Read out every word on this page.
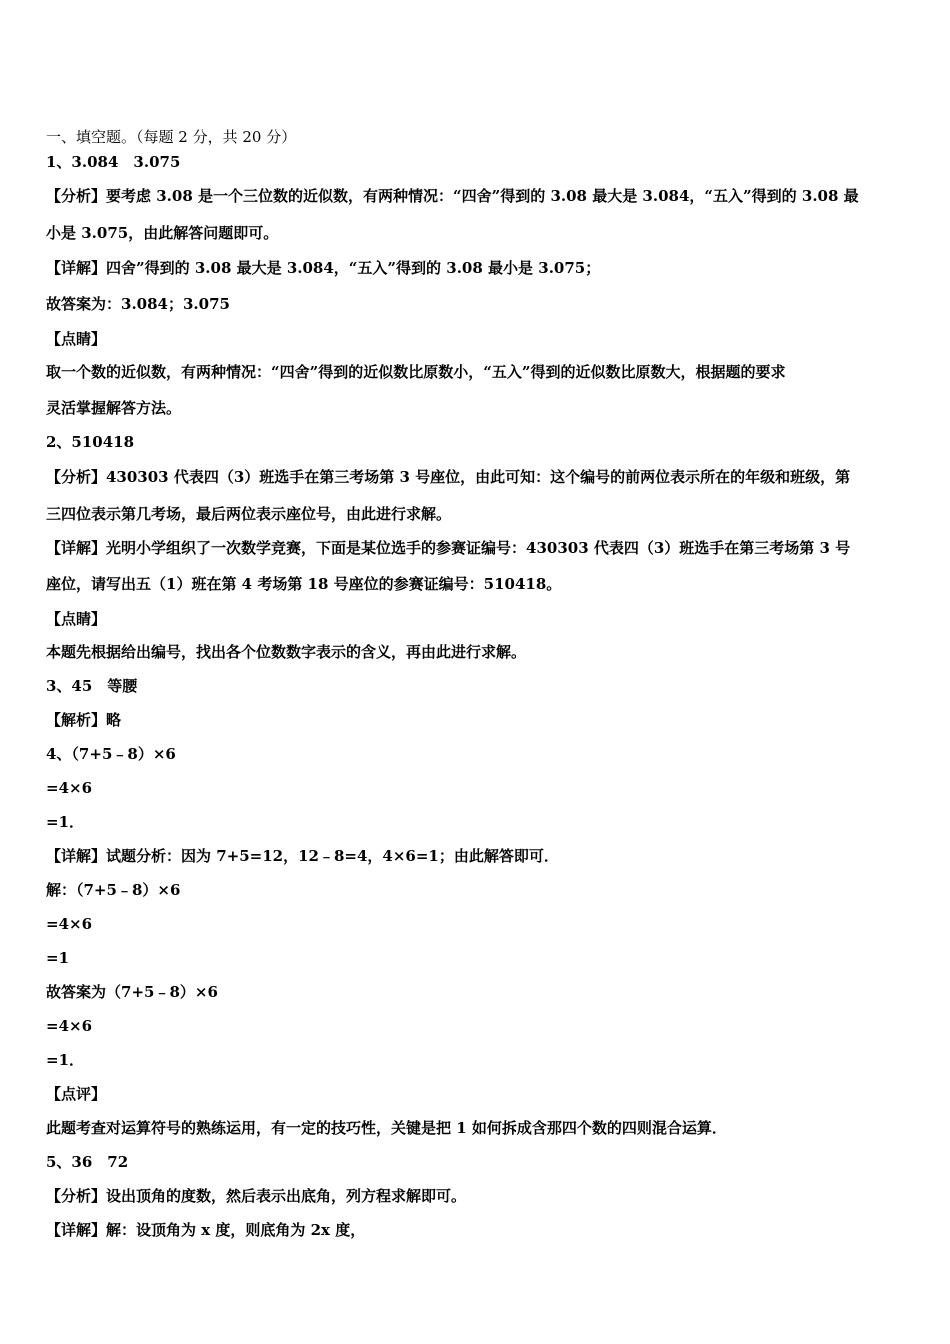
一、填空题。（每题 2 分，共 20 分）
1、3.084　3.075
【分析】要考虑 3.08 是一个三位数的近似数，有两种情况：“四舍”得到的 3.08 最大是 3.084，“五入”得到的 3.08 最
小是 3.075，由此解答问题即可。
【详解】四舍”得到的 3.08 最大是 3.084，“五入”得到的 3.08 最小是 3.075；
故答案为：3.084；3.075
【点睛】
取一个数的近似数，有两种情况：“四舍”得到的近似数比原数小，“五入”得到的近似数比原数大，根据题的要求
灵活掌握解答方法。
2、510418
【分析】430303 代表四（3）班选手在第三考场第 3 号座位，由此可知：这个编号的前两位表示所在的年级和班级，第
三四位表示第几考场，最后两位表示座位号，由此进行求解。
【详解】光明小学组织了一次数学竞赛，下面是某位选手的参赛证编号：430303 代表四（3）班选手在第三考场第 3 号
座位，请写出五（1）班在第 4 考场第 18 号座位的参赛证编号：510418。
【点睛】
本题先根据给出编号，找出各个位数数字表示的含义，再由此进行求解。
3、45　等腰
【解析】略
4、（7+5﹣8）×6
=4×6
=1．
【详解】试题分析：因为 7+5=12，12﹣8=4，4×6=1；由此解答即可．
解：（7+5﹣8）×6
=4×6
=1
故答案为（7+5﹣8）×6
=4×6
=1．
【点评】
此题考查对运算符号的熟练运用，有一定的技巧性，关键是把 1 如何拆成含那四个数的四则混合运算．
5、36　72
【分析】设出顶角的度数，然后表示出底角，列方程求解即可。
【详解】解：设顶角为 x 度，则底角为 2x 度，
